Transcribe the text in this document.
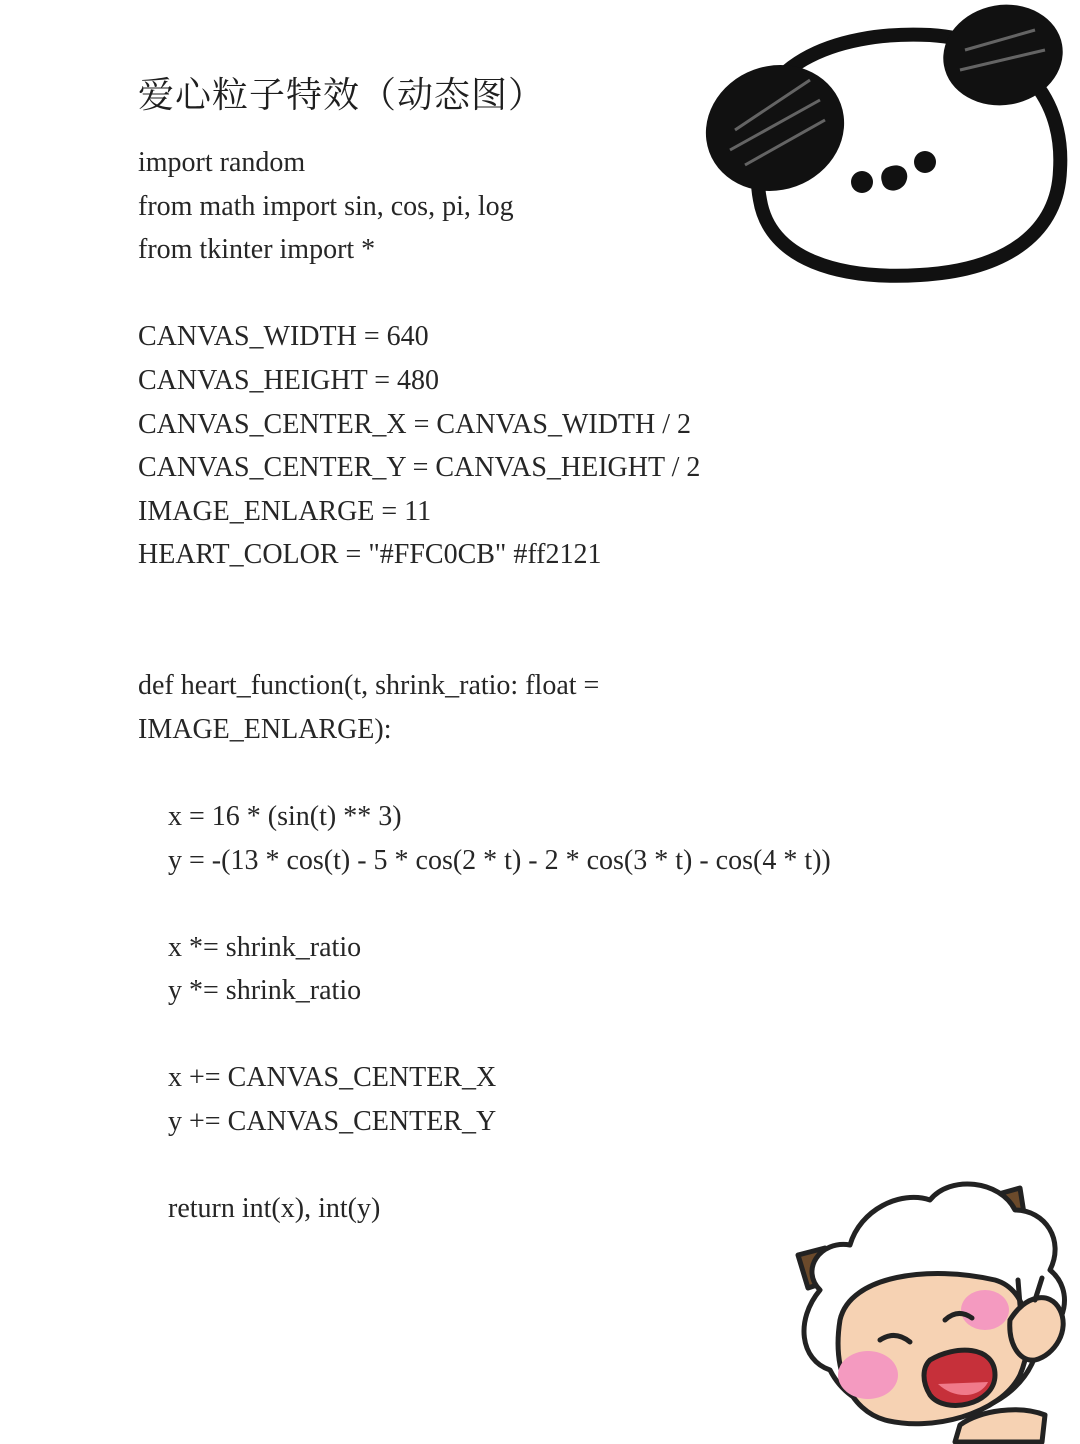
爱心粒子特效（动态图）
import random
from math import sin, cos, pi, log
from tkinter import *
CANVAS_WIDTH = 640
CANVAS_HEIGHT = 480
CANVAS_CENTER_X = CANVAS_WIDTH / 2
CANVAS_CENTER_Y = CANVAS_HEIGHT / 2
IMAGE_ENLARGE = 11
HEART_COLOR = "#FFC0CB" #ff2121
def heart_function(t, shrink_ratio: float =
IMAGE_ENLARGE):
x = 16 * (sin(t) ** 3)
y = -(13 * cos(t) - 5 * cos(2 * t) - 2 * cos(3 * t) - cos(4 * t))
x *= shrink_ratio
y *= shrink_ratio
x += CANVAS_CENTER_X
y += CANVAS_CENTER_Y
return int(x), int(y)
